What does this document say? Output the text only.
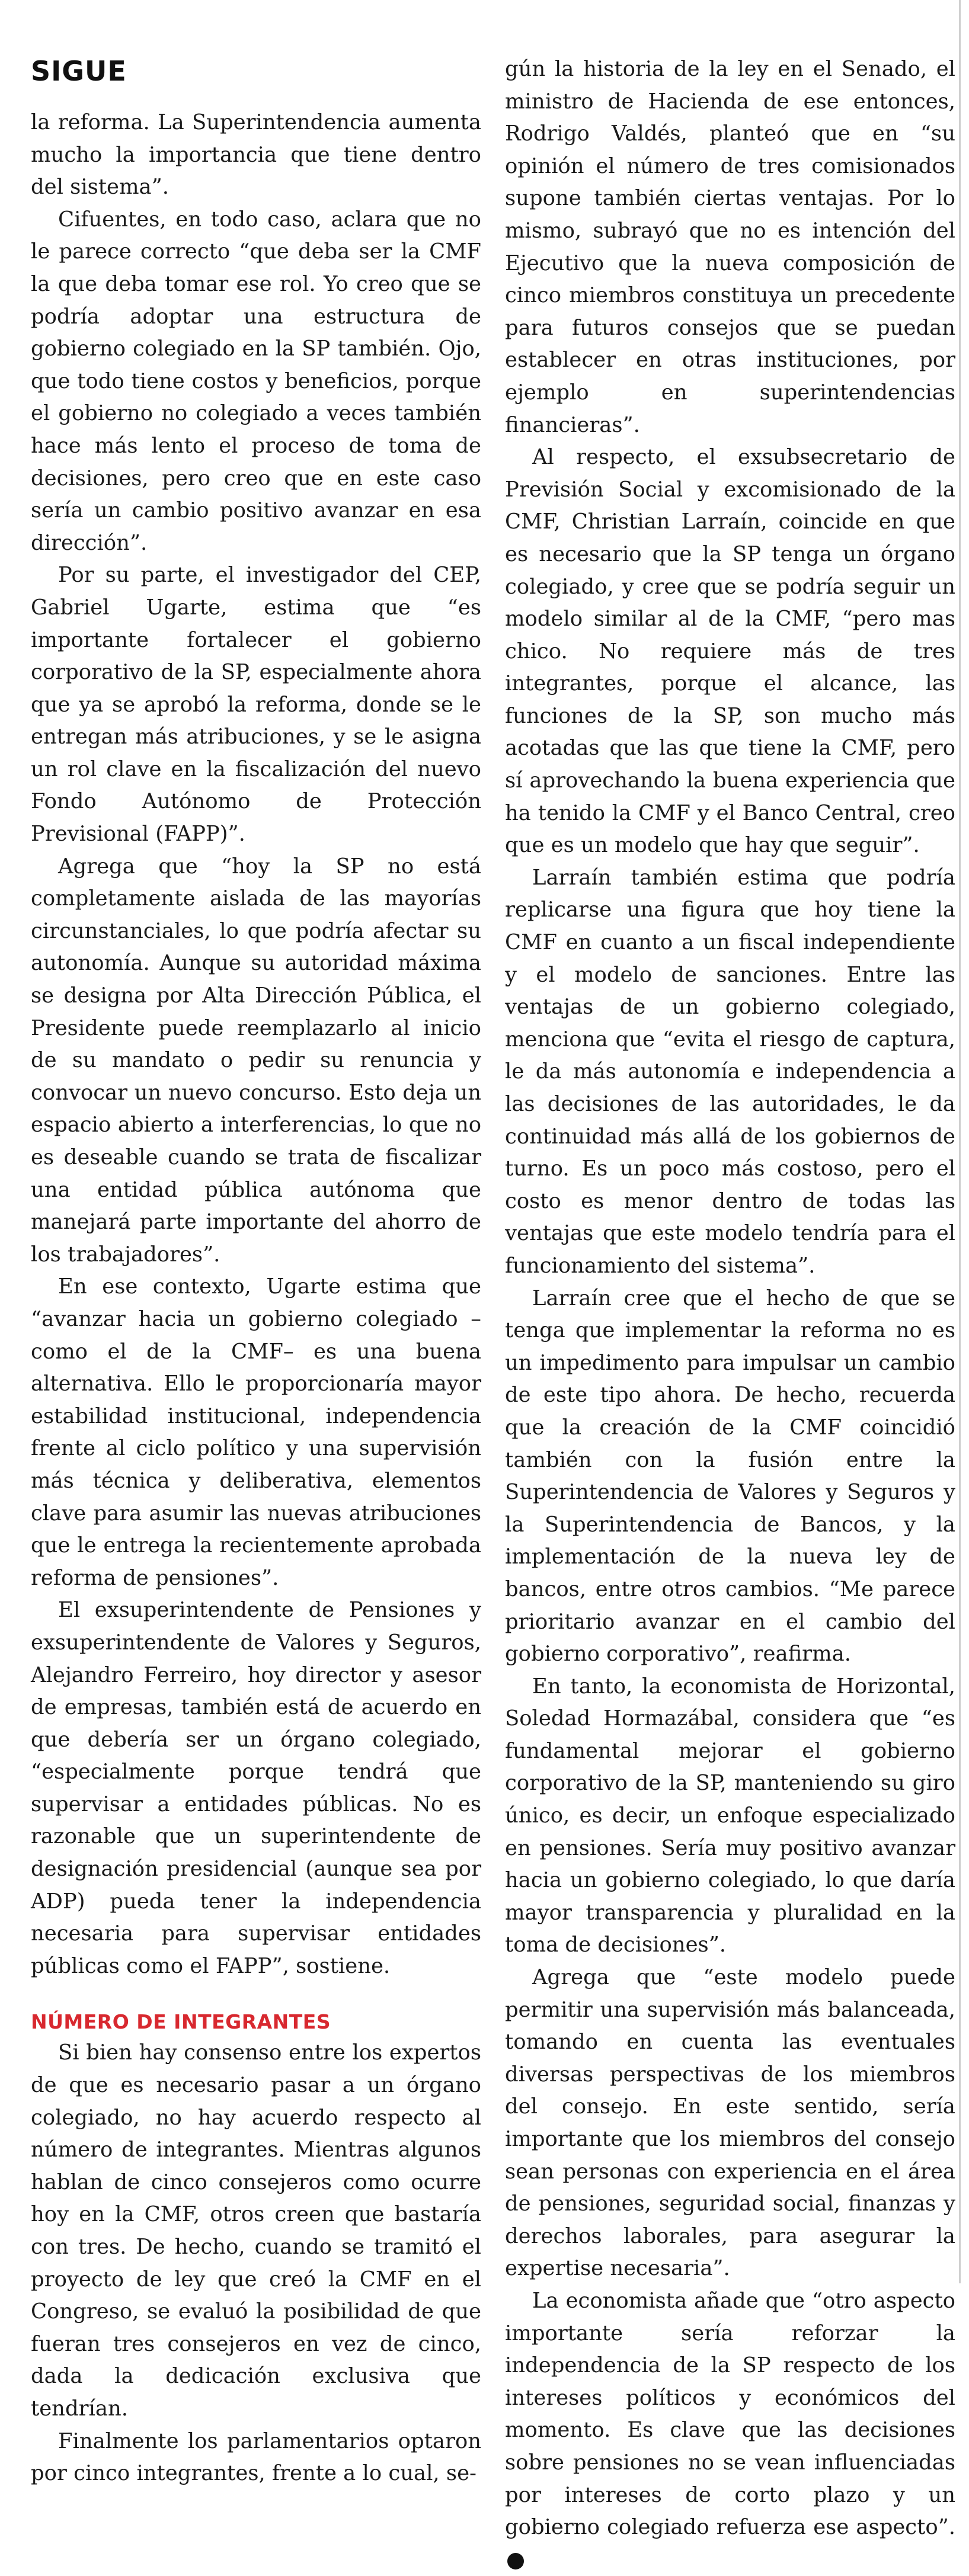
SIGUE

la reforma. La Superintendencia aumenta mucho la importancia que tiene dentro del sistema”.

Cifuentes, en todo caso, aclara que no le parece correcto “que deba ser la CMF la que deba tomar ese rol. Yo creo que se podría adoptar una estructura de gobierno colegiado en la SP también. Ojo, que todo tiene costos y beneficios, porque el gobierno no colegiado a veces también hace más lento el proceso de toma de decisiones, pero creo que en este caso sería un cambio positivo avanzar en esa dirección”.

Por su parte, el investigador del CEP, Gabriel Ugarte, estima que “es importante fortalecer el gobierno corporativo de la SP, especialmente ahora que ya se aprobó la reforma, donde se le entregan más atribuciones, y se le asigna un rol clave en la fiscalización del nuevo Fondo Autónomo de Protección Previsional (FAPP)”.

Agrega que “hoy la SP no está completamente aislada de las mayorías circunstanciales, lo que podría afectar su autonomía. Aunque su autoridad máxima se designa por Alta Dirección Pública, el Presidente puede reemplazarlo al inicio de su mandato o pedir su renuncia y convocar un nuevo concurso. Esto deja un espacio abierto a interferencias, lo que no es deseable cuando se trata de fiscalizar una entidad pública autónoma que manejará parte importante del ahorro de los trabajadores”.

En ese contexto, Ugarte estima que “avanzar hacia un gobierno colegiado –como el de la CMF– es una buena alternativa. Ello le proporcionaría mayor estabilidad institucional, independencia frente al ciclo político y una supervisión más técnica y deliberativa, elementos clave para asumir las nuevas atribuciones que le entrega la recientemente aprobada reforma de pensiones”.

El exsuperintendente de Pensiones y exsuperintendente de Valores y Seguros, Alejandro Ferreiro, hoy director y asesor de empresas, también está de acuerdo en que debería ser un órgano colegiado, “especialmente porque tendrá que supervisar a entidades públicas. No es razonable que un superintendente de designación presidencial (aunque sea por ADP) pueda tener la independencia necesaria para supervisar entidades públicas como el FAPP”, sostiene.

NÚMERO DE INTEGRANTES

Si bien hay consenso entre los expertos de que es necesario pasar a un órgano colegiado, no hay acuerdo respecto al número de integrantes. Mientras algunos hablan de cinco consejeros como ocurre hoy en la CMF, otros creen que bastaría con tres. De hecho, cuando se tramitó el proyecto de ley que creó la CMF en el Congreso, se evaluó la posibilidad de que fueran tres consejeros en vez de cinco, dada la dedicación exclusiva que tendrían.

Finalmente los parlamentarios optaron por cinco integrantes, frente a lo cual, se-

gún la historia de la ley en el Senado, el ministro de Hacienda de ese entonces, Rodrigo Valdés, planteó que en “su opinión el número de tres comisionados supone también ciertas ventajas. Por lo mismo, subrayó que no es intención del Ejecutivo que la nueva composición de cinco miembros constituya un precedente para futuros consejos que se puedan establecer en otras instituciones, por ejemplo en superintendencias financieras”.

Al respecto, el exsubsecretario de Previsión Social y excomisionado de la CMF, Christian Larraín, coincide en que es necesario que la SP tenga un órgano colegiado, y cree que se podría seguir un modelo similar al de la CMF, “pero mas chico. No requiere más de tres integrantes, porque el alcance, las funciones de la SP, son mucho más acotadas que las que tiene la CMF, pero sí aprovechando la buena experiencia que ha tenido la CMF y el Banco Central, creo que es un modelo que hay que seguir”.

Larraín también estima que podría replicarse una figura que hoy tiene la CMF en cuanto a un fiscal independiente y el modelo de sanciones. Entre las ventajas de un gobierno colegiado, menciona que “evita el riesgo de captura, le da más autonomía e independencia a las decisiones de las autoridades, le da continuidad más allá de los gobiernos de turno. Es un poco más costoso, pero el costo es menor dentro de todas las ventajas que este modelo tendría para el funcionamiento del sistema”.

Larraín cree que el hecho de que se tenga que implementar la reforma no es un impedimento para impulsar un cambio de este tipo ahora. De hecho, recuerda que la creación de la CMF coincidió también con la fusión entre la Superintendencia de Valores y Seguros y la Superintendencia de Bancos, y la implementación de la nueva ley de bancos, entre otros cambios. “Me parece prioritario avanzar en el cambio del gobierno corporativo”, reafirma.

En tanto, la economista de Horizontal, Soledad Hormazábal, considera que “es fundamental mejorar el gobierno corporativo de la SP, manteniendo su giro único, es decir, un enfoque especializado en pensiones. Sería muy positivo avanzar hacia un gobierno colegiado, lo que daría mayor transparencia y pluralidad en la toma de decisiones”.

Agrega que “este modelo puede permitir una supervisión más balanceada, tomando en cuenta las eventuales diversas perspectivas de los miembros del consejo. En este sentido, sería importante que los miembros del consejo sean personas con experiencia en el área de pensiones, seguridad social, finanzas y derechos laborales, para asegurar la expertise necesaria”.

La economista añade que “otro aspecto importante sería reforzar la independencia de la SP respecto de los intereses políticos y económicos del momento. Es clave que las decisiones sobre pensiones no se vean influenciadas por intereses de corto plazo y un gobierno colegiado refuerza ese aspecto”.P
